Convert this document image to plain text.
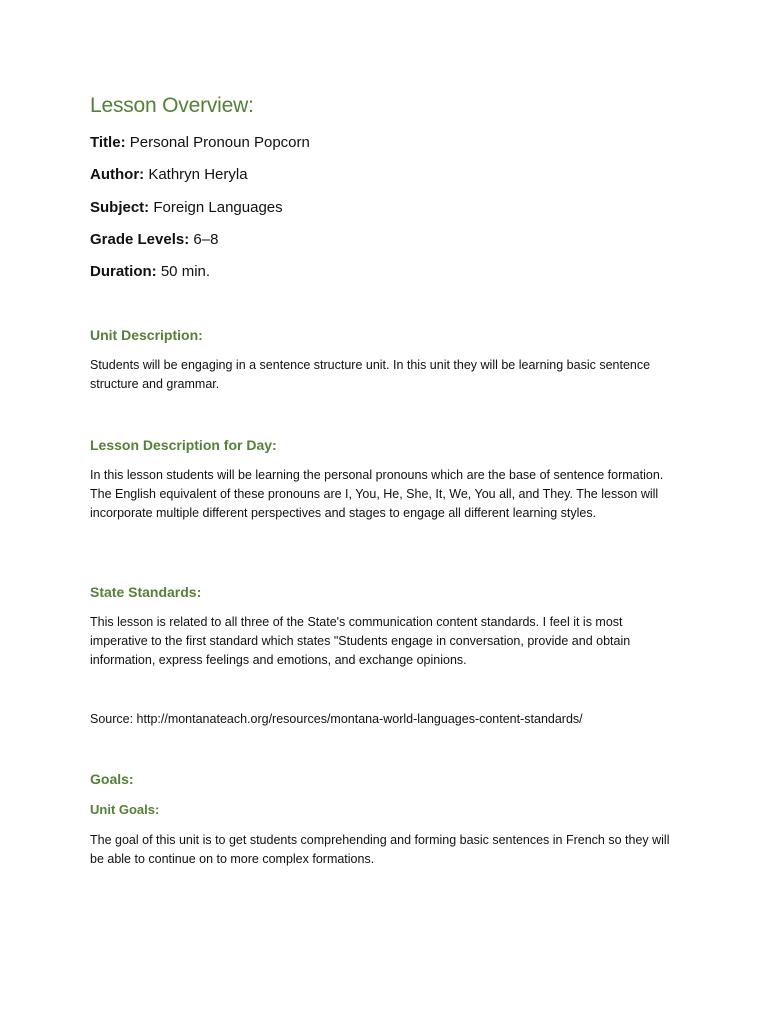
Lesson Overview:
Title: Personal Pronoun Popcorn
Author: Kathryn Heryla
Subject: Foreign Languages
Grade Levels: 6–8
Duration: 50 min.
Unit Description:

Students will be engaging in a sentence structure unit. In this unit they will be learning basic sentence structure and grammar.

Lesson Description for Day:

In this lesson students will be learning the personal pronouns which are the base of sentence formation. The English equivalent of these pronouns are I, You, He, She, It, We, You all, and They. The lesson will incorporate multiple different perspectives and stages to engage all different learning styles.

State Standards:

This lesson is related to all three of the State's communication content standards. I feel it is most imperative to the first standard which states "Students engage in conversation, provide and obtain information, express feelings and emotions, and exchange opinions.

Source: http://montanateach.org/resources/montana-world-languages-content-standards/

Goals:
Unit Goals:

The goal of this unit is to get students comprehending and forming basic sentences in French so they will be able to continue on to more complex formations.
